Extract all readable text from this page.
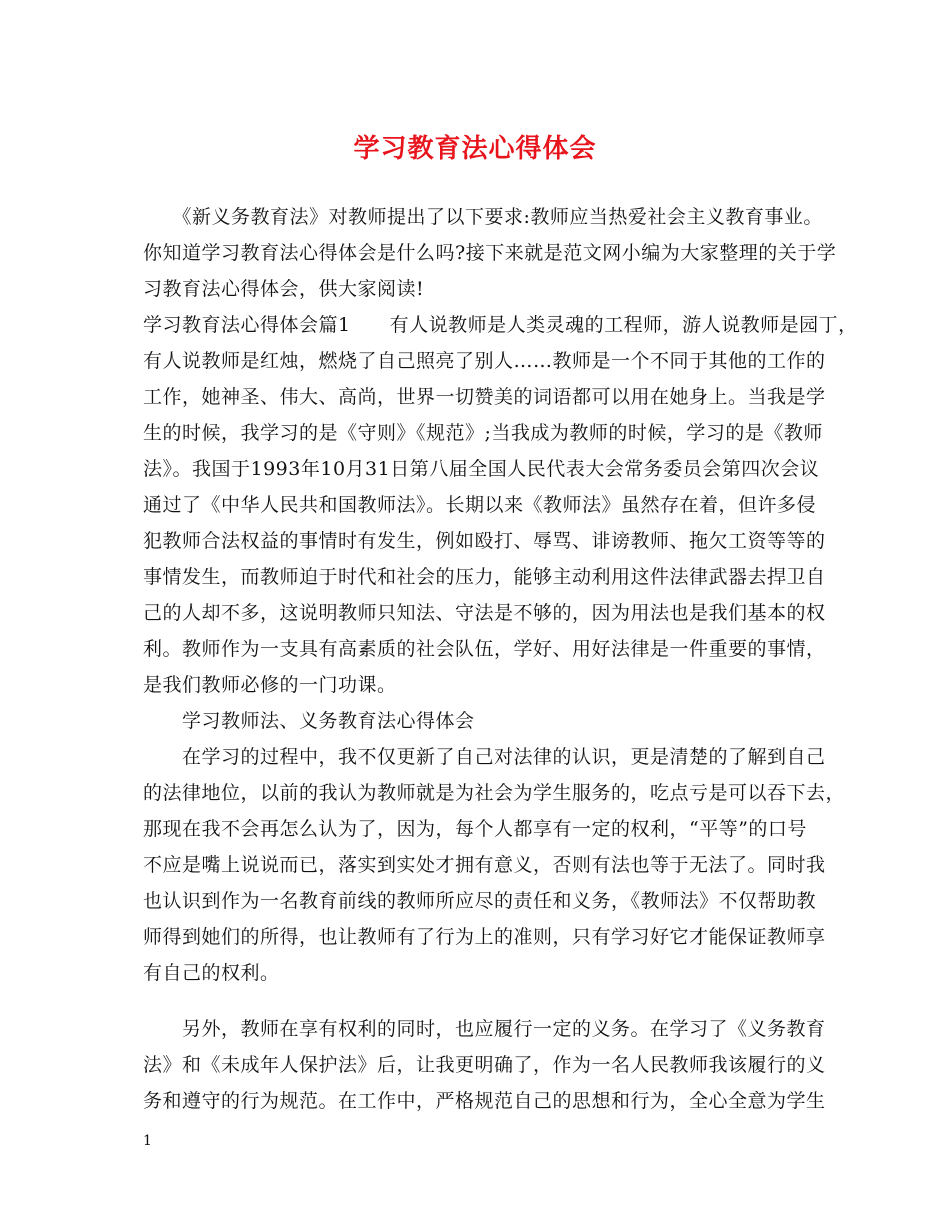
学习教育法心得体会
　　《新义务教育法》对教师提出了以下要求:教师应当热爱社会主义教育事业。
你知道学习教育法心得体会是什么吗?接下来就是范文网小编为大家整理的关于学
习教育法心得体会，供大家阅读!
学习教育法心得体会篇1　　有人说教师是人类灵魂的工程师，游人说教师是园丁，
有人说教师是红烛，燃烧了自己照亮了别人……教师是一个不同于其他的工作的
工作，她神圣、伟大、高尚，世界一切赞美的词语都可以用在她身上。当我是学
生的时候，我学习的是《守则》《规范》;当我成为教师的时候，学习的是《教师
法》。我国于1993年10月31日第八届全国人民代表大会常务委员会第四次会议
通过了《中华人民共和国教师法》。长期以来《教师法》虽然存在着，但许多侵
犯教师合法权益的事情时有发生，例如殴打、辱骂、诽谤教师、拖欠工资等等的
事情发生，而教师迫于时代和社会的压力，能够主动利用这件法律武器去捍卫自
己的人却不多，这说明教师只知法、守法是不够的，因为用法也是我们基本的权
利。教师作为一支具有高素质的社会队伍，学好、用好法律是一件重要的事情，
是我们教师必修的一门功课。
　　学习教师法、义务教育法心得体会
　　在学习的过程中，我不仅更新了自己对法律的认识，更是清楚的了解到自己
的法律地位，以前的我认为教师就是为社会为学生服务的，吃点亏是可以吞下去，
那现在我不会再怎么认为了，因为，每个人都享有一定的权利，“平等”的口号
不应是嘴上说说而已，落实到实处才拥有意义，否则有法也等于无法了。同时我
也认识到作为一名教育前线的教师所应尽的责任和义务，《教师法》不仅帮助教
师得到她们的所得，也让教师有了行为上的准则，只有学习好它才能保证教师享
有自己的权利。
　　另外，教师在享有权利的同时，也应履行一定的义务。在学习了《义务教育
法》和《未成年人保护法》后，让我更明确了，作为一名人民教师我该履行的义
务和遵守的行为规范。在工作中，严格规范自己的思想和行为，全心全意为学生
1
